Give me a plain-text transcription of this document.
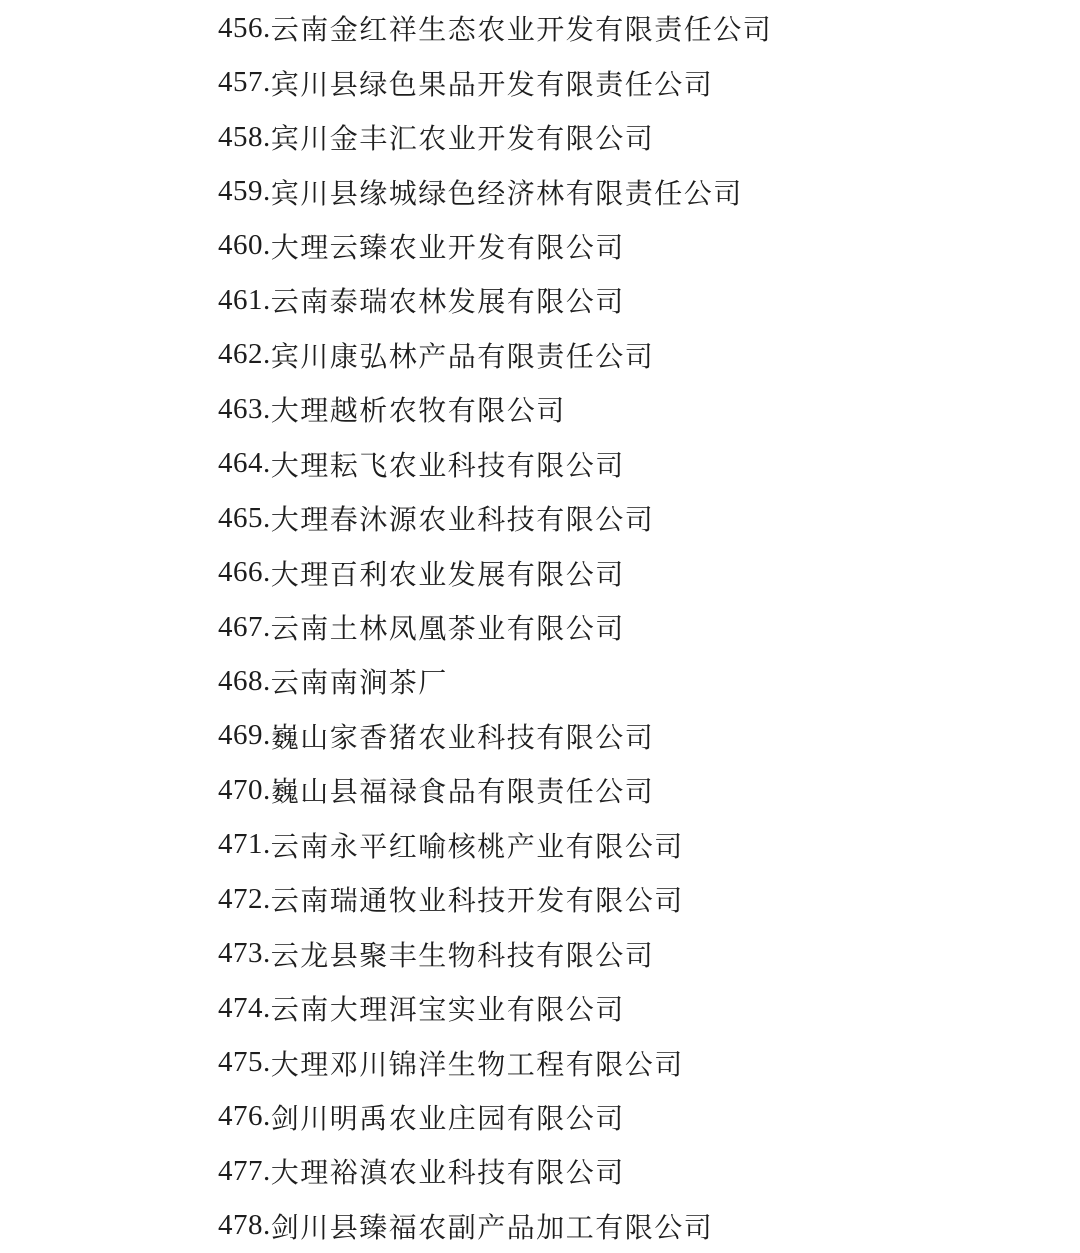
456. 云南金红祥生态农业开发有限责任公司
457. 宾川县绿色果品开发有限责任公司
458. 宾川金丰汇农业开发有限公司
459. 宾川县缘城绿色经济林有限责任公司
460. 大理云臻农业开发有限公司
461. 云南泰瑞农林发展有限公司
462. 宾川康弘林产品有限责任公司
463. 大理越析农牧有限公司
464. 大理耘飞农业科技有限公司
465. 大理春沐源农业科技有限公司
466. 大理百利农业发展有限公司
467. 云南土林凤凰茶业有限公司
468. 云南南涧茶厂
469. 巍山家香猪农业科技有限公司
470. 巍山县福禄食品有限责任公司
471. 云南永平红喻核桃产业有限公司
472. 云南瑞通牧业科技开发有限公司
473. 云龙县聚丰生物科技有限公司
474. 云南大理洱宝实业有限公司
475. 大理邓川锦洋生物工程有限公司
476. 剑川明禹农业庄园有限公司
477. 大理裕滇农业科技有限公司
478. 剑川县臻福农副产品加工有限公司
